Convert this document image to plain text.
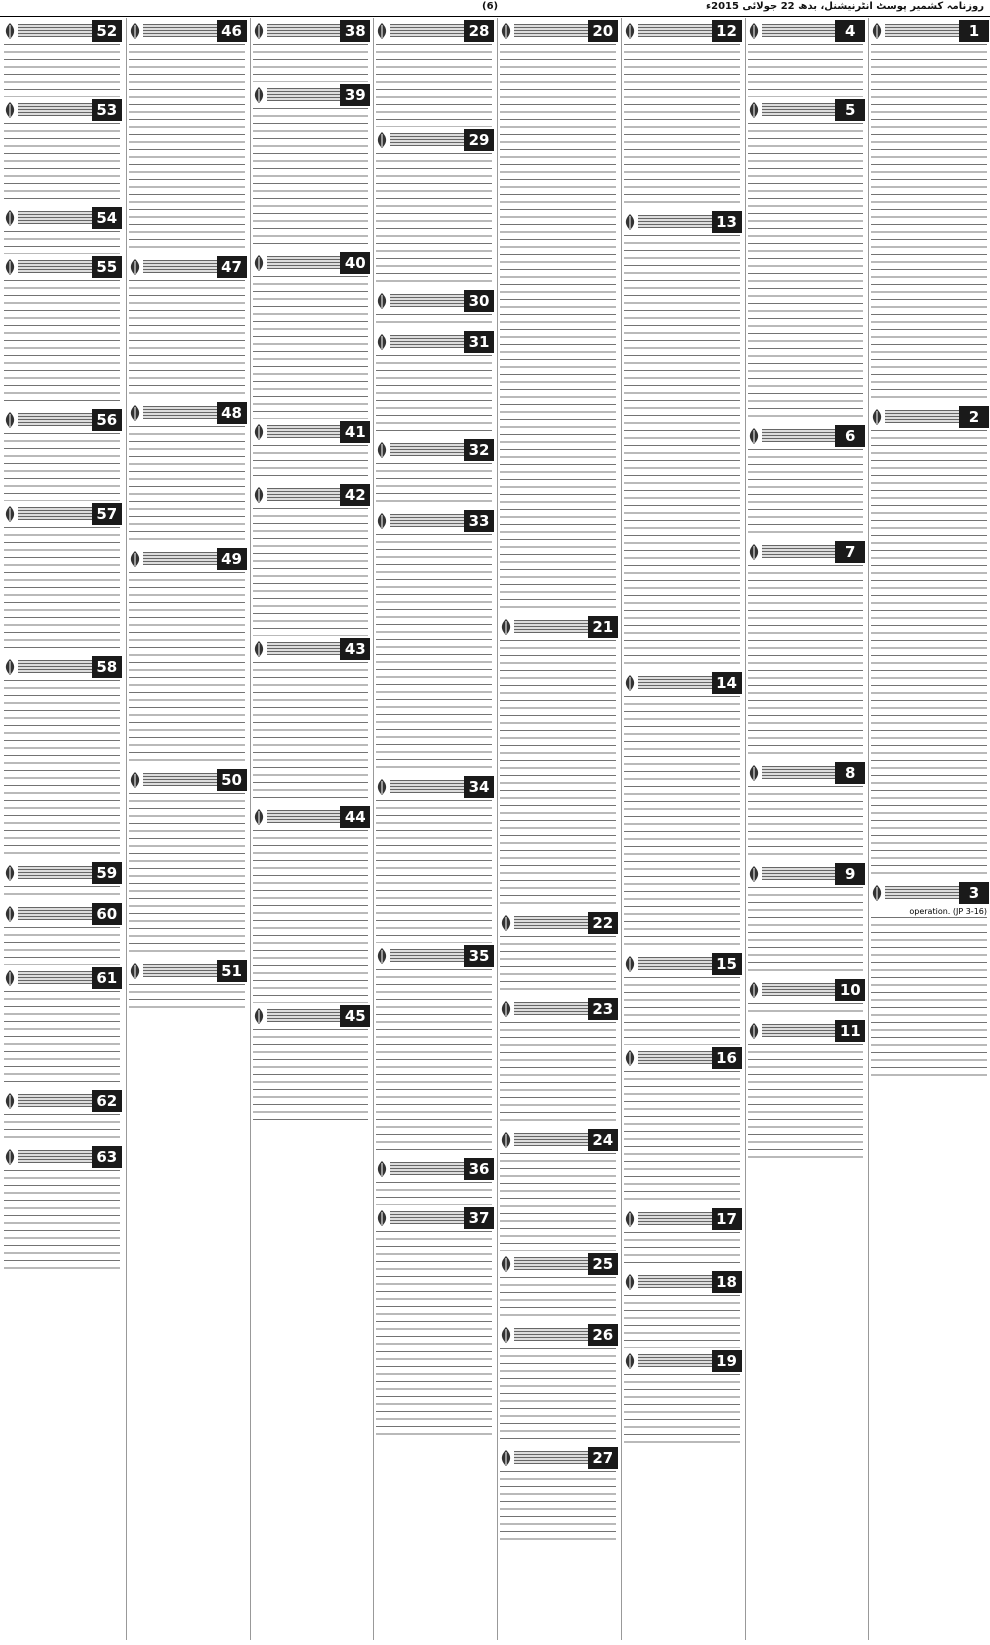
(6)	روزنامہ کشمیر پوسٹ انٹرنیشنل، بدھ 22 جولائی 2015ء
1
2
3
operation. (JP 3-16)
4
5
6
7
8
9
10
11
12
13
14
15
16
17
18
19
20
21
22
23
24
25
26
27
28
29
30
31
32
33
34
35
36
37
38
39
40
41
42
43
44
45
46
47
48
49
50
51
52
53
54
55
56
57
58
59
60
61
62
63
